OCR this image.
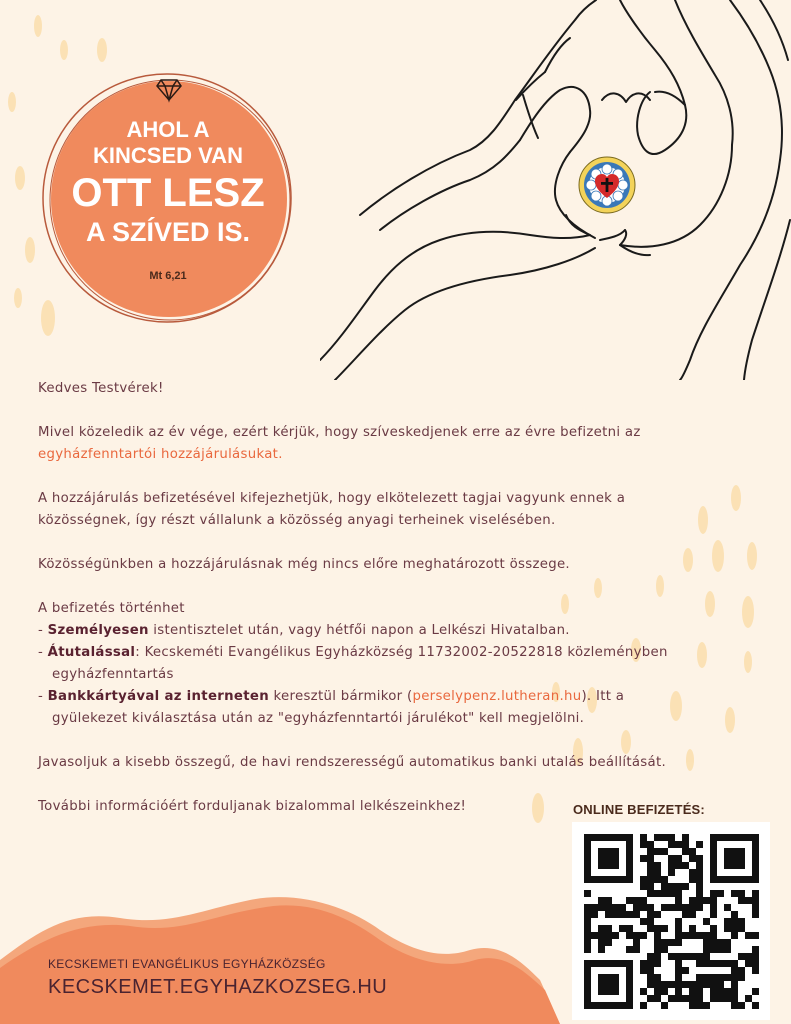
AHOL A
KINCSED VAN
OTT LESZ
A SZÍVED IS.
Mt 6,21

Kedves Testvérek!

Mivel közeledik az év vége, ezért kérjük, hogy szíveskedjenek erre az évre befizetni az

egyházfenntartói hozzájárulásukat.

A hozzájárulás befizetésével kifejezhetjük, hogy elkötelezett tagjai vagyunk ennek a

közösségnek, így részt vállalunk a közösség anyagi terheinek viselésében.

Közösségünkben a hozzájárulásnak még nincs előre meghatározott összege.

A befizetés történhet

- Személyesen istentisztelet után, vagy hétfői napon a Lelkészi Hivatalban.

- Átutalással: Kecskeméti Evangélikus Egyházközség 11732002-20522818 közleményben

egyházfenntartás

- Bankkártyával az interneten keresztül bármikor (perselypenz.lutheran.hu). Itt a

gyülekezet kiválasztása után az "egyházfenntartói járulékot" kell megjelölni.

Javasoljuk a kisebb összegű, de havi rendszerességű automatikus banki utalás beállítását.

További információért forduljanak bizalommal lelkészeinkhez!	ONLINE BEFIZETÉS:
KECSKEMETI EVANGÉLIKUS EGYHÁZKÖZSÉG
KECSKEMET.EGYHAZKOZSEG.HU
